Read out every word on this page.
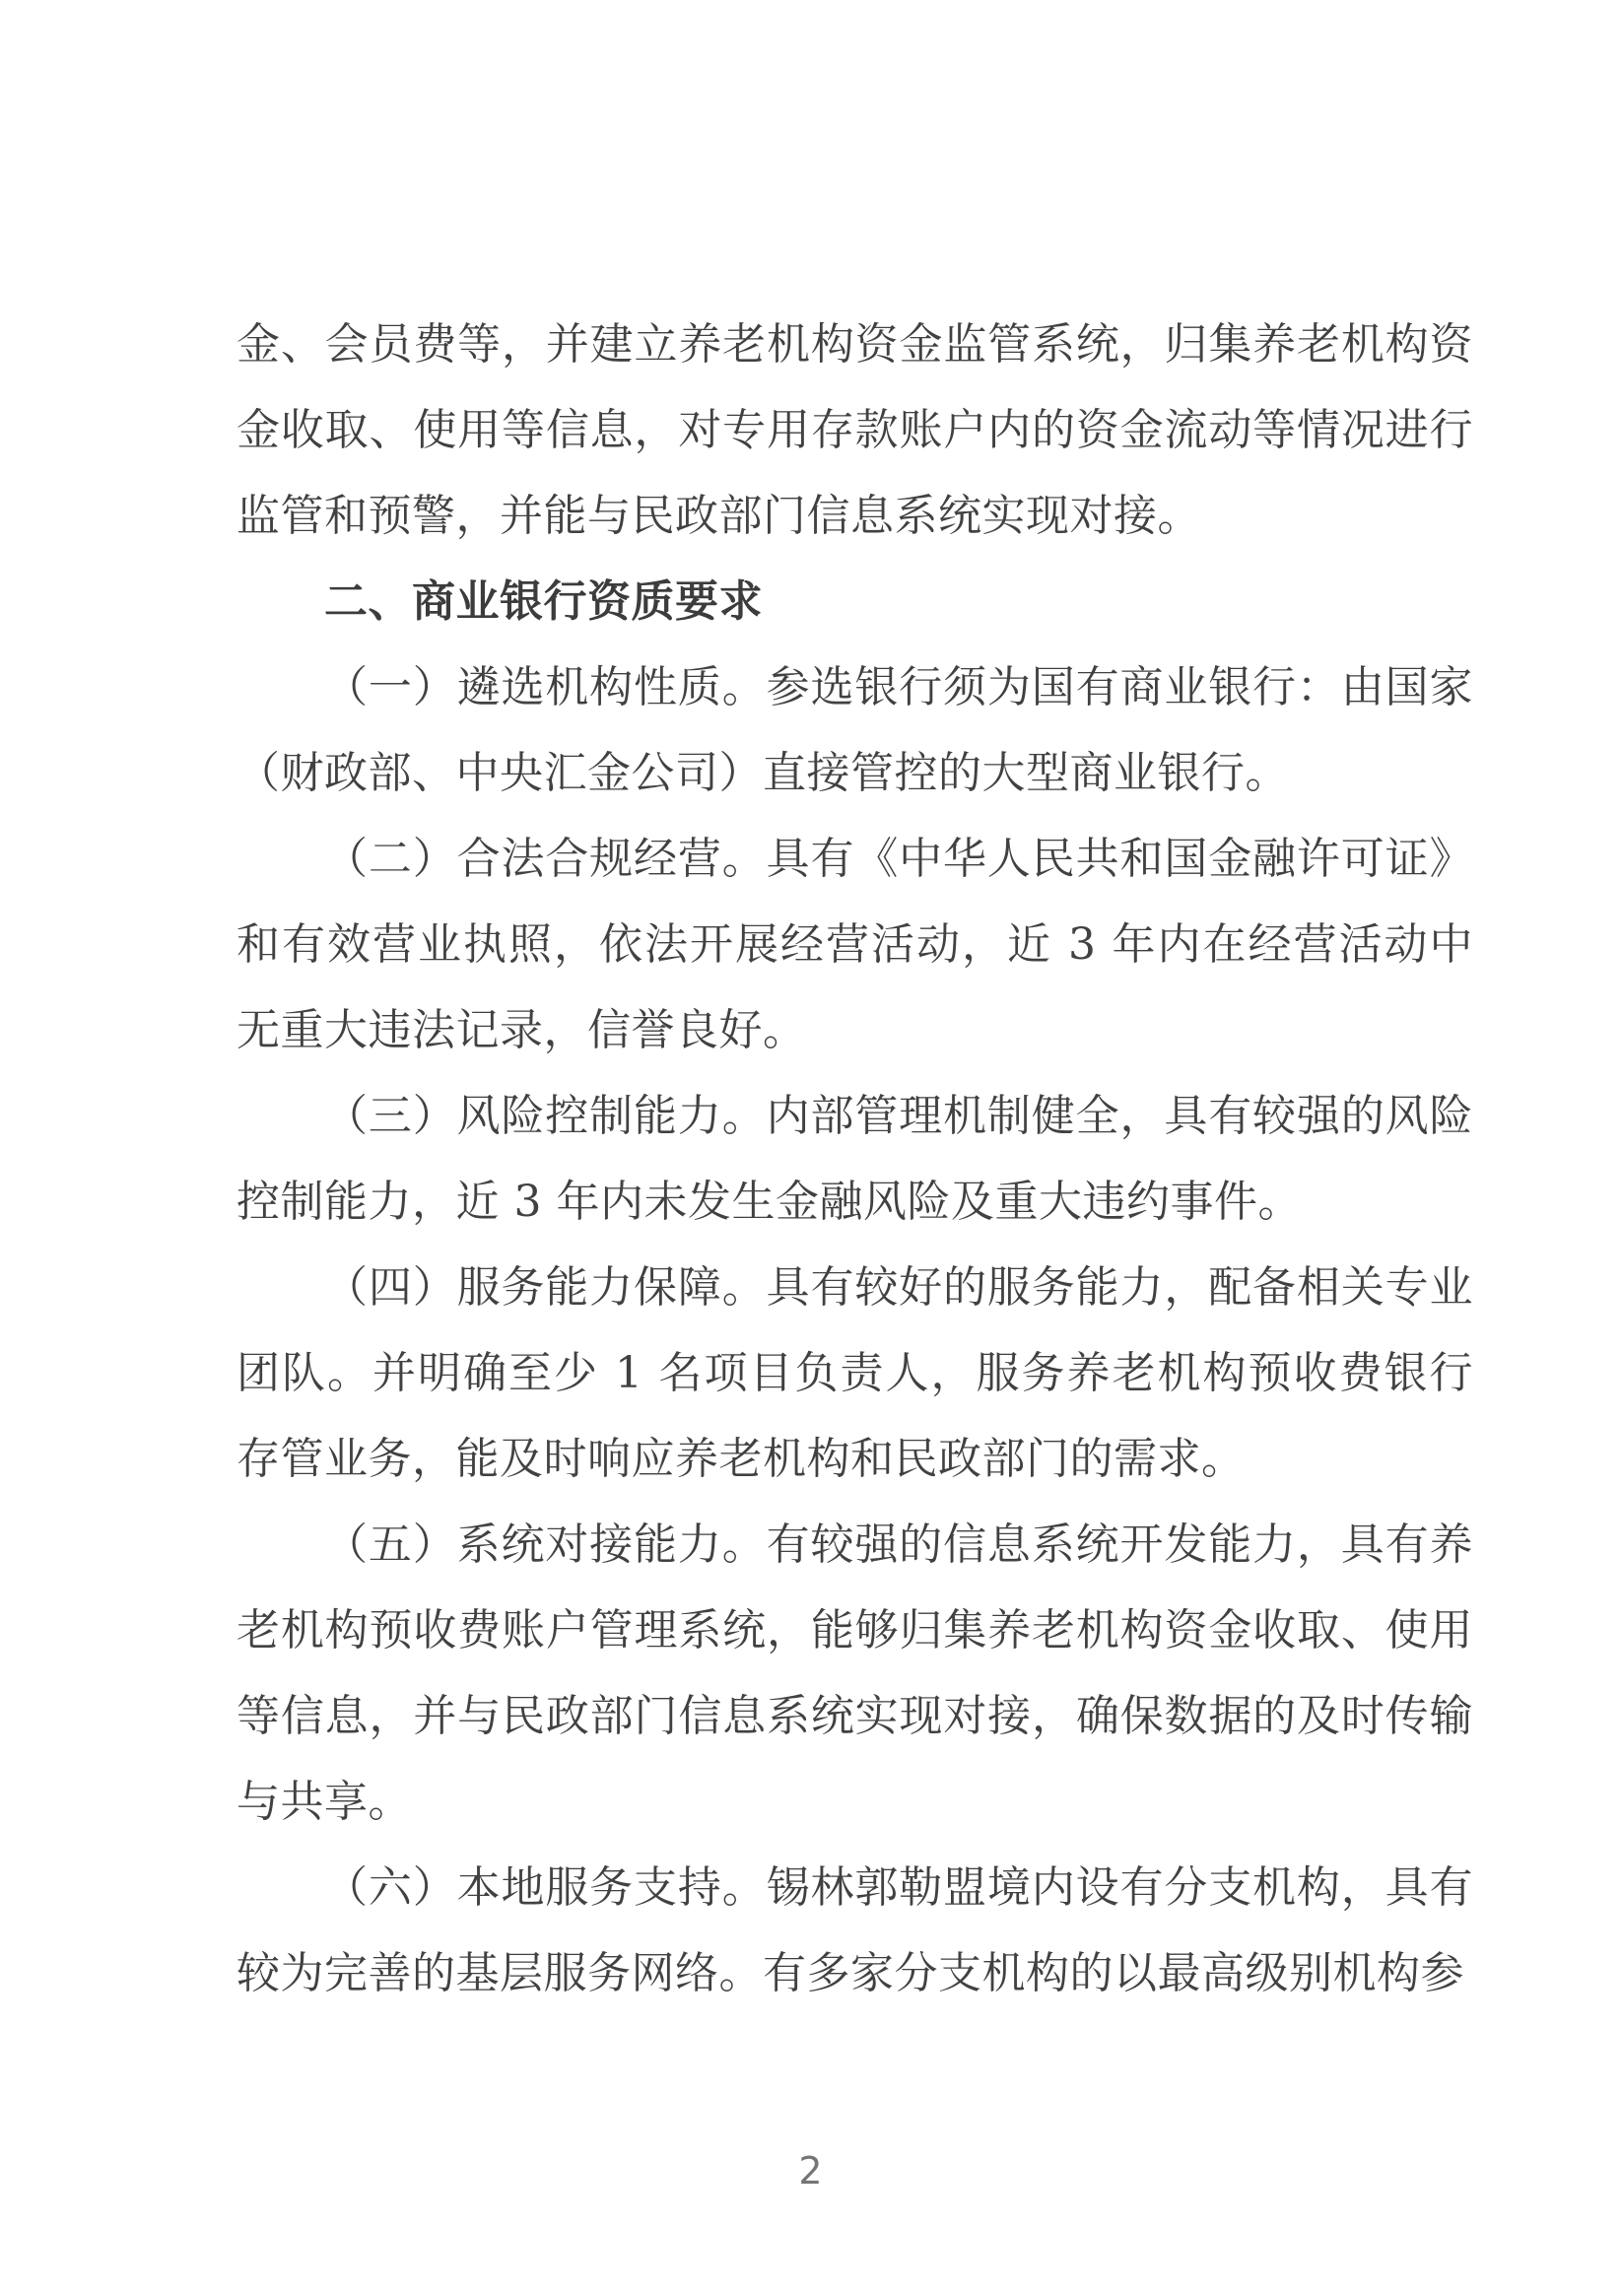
金、会员费等，并建立养老机构资金监管系统，归集养老机构资金收取、使用等信息，对专用存款账户内的资金流动等情况进行监管和预警，并能与民政部门信息系统实现对接。

二、商业银行资质要求

（一）遴选机构性质。参选银行须为国有商业银行：由国家（财政部、中央汇金公司）直接管控的大型商业银行。

（二）合法合规经营。具有《中华人民共和国金融许可证》和有效营业执照，依法开展经营活动，近 3 年内在经营活动中无重大违法记录，信誉良好。

（三）风险控制能力。内部管理机制健全，具有较强的风险控制能力，近 3 年内未发生金融风险及重大违约事件。

（四）服务能力保障。具有较好的服务能力，配备相关专业团队。并明确至少 1 名项目负责人，服务养老机构预收费银行存管业务，能及时响应养老机构和民政部门的需求。

（五）系统对接能力。有较强的信息系统开发能力，具有养老机构预收费账户管理系统，能够归集养老机构资金收取、使用等信息，并与民政部门信息系统实现对接，确保数据的及时传输与共享。

（六）本地服务支持。锡林郭勒盟境内设有分支机构，具有较为完善的基层服务网络。有多家分支机构的以最高级别机构参

2
